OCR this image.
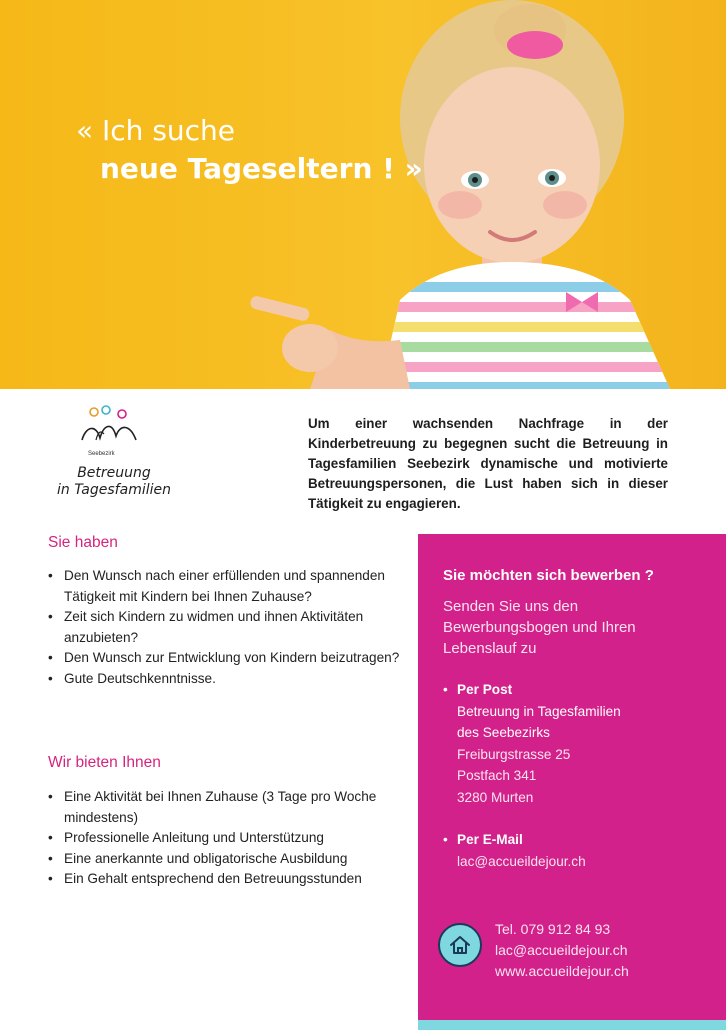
« Ich suche
neue Tageseltern ! »
Seebezirk
Betreuung
in Tagesfamilien
Um einer wachsenden Nachfrage in der Kinderbetreuung zu begegnen sucht die Betreuung in Tagesfamilien Seebezirk dynamische und motivierte Betreuungspersonen, die Lust haben sich in dieser Tätigkeit zu engagieren.
Sie haben
• Den Wunsch nach einer erfüllenden und spannenden Tätigkeit mit Kindern bei Ihnen Zuhause?
• Zeit sich Kindern zu widmen und ihnen Aktivitäten anzubieten?
• Den Wunsch zur Entwicklung von Kindern beizutragen?
• Gute Deutschkenntnisse.
Wir bieten Ihnen
• Eine Aktivität bei Ihnen Zuhause (3 Tage pro Woche mindestens)
• Professionelle Anleitung und Unterstützung
• Eine anerkannte und obligatorische Ausbildung
• Ein Gehalt entsprechend den Betreuungsstunden
Sie möchten sich bewerben ?
Senden Sie uns den Bewerbungsbogen und Ihren Lebenslauf zu
• Per Post
Betreuung in Tagesfamilien
des Seebezirks
Freiburgstrasse 25
Postfach 341
3280 Murten
• Per E-Mail
lac@accueildejour.ch
Tel. 079 912 84 93
lac@accueildejour.ch
www.accueildejour.ch
